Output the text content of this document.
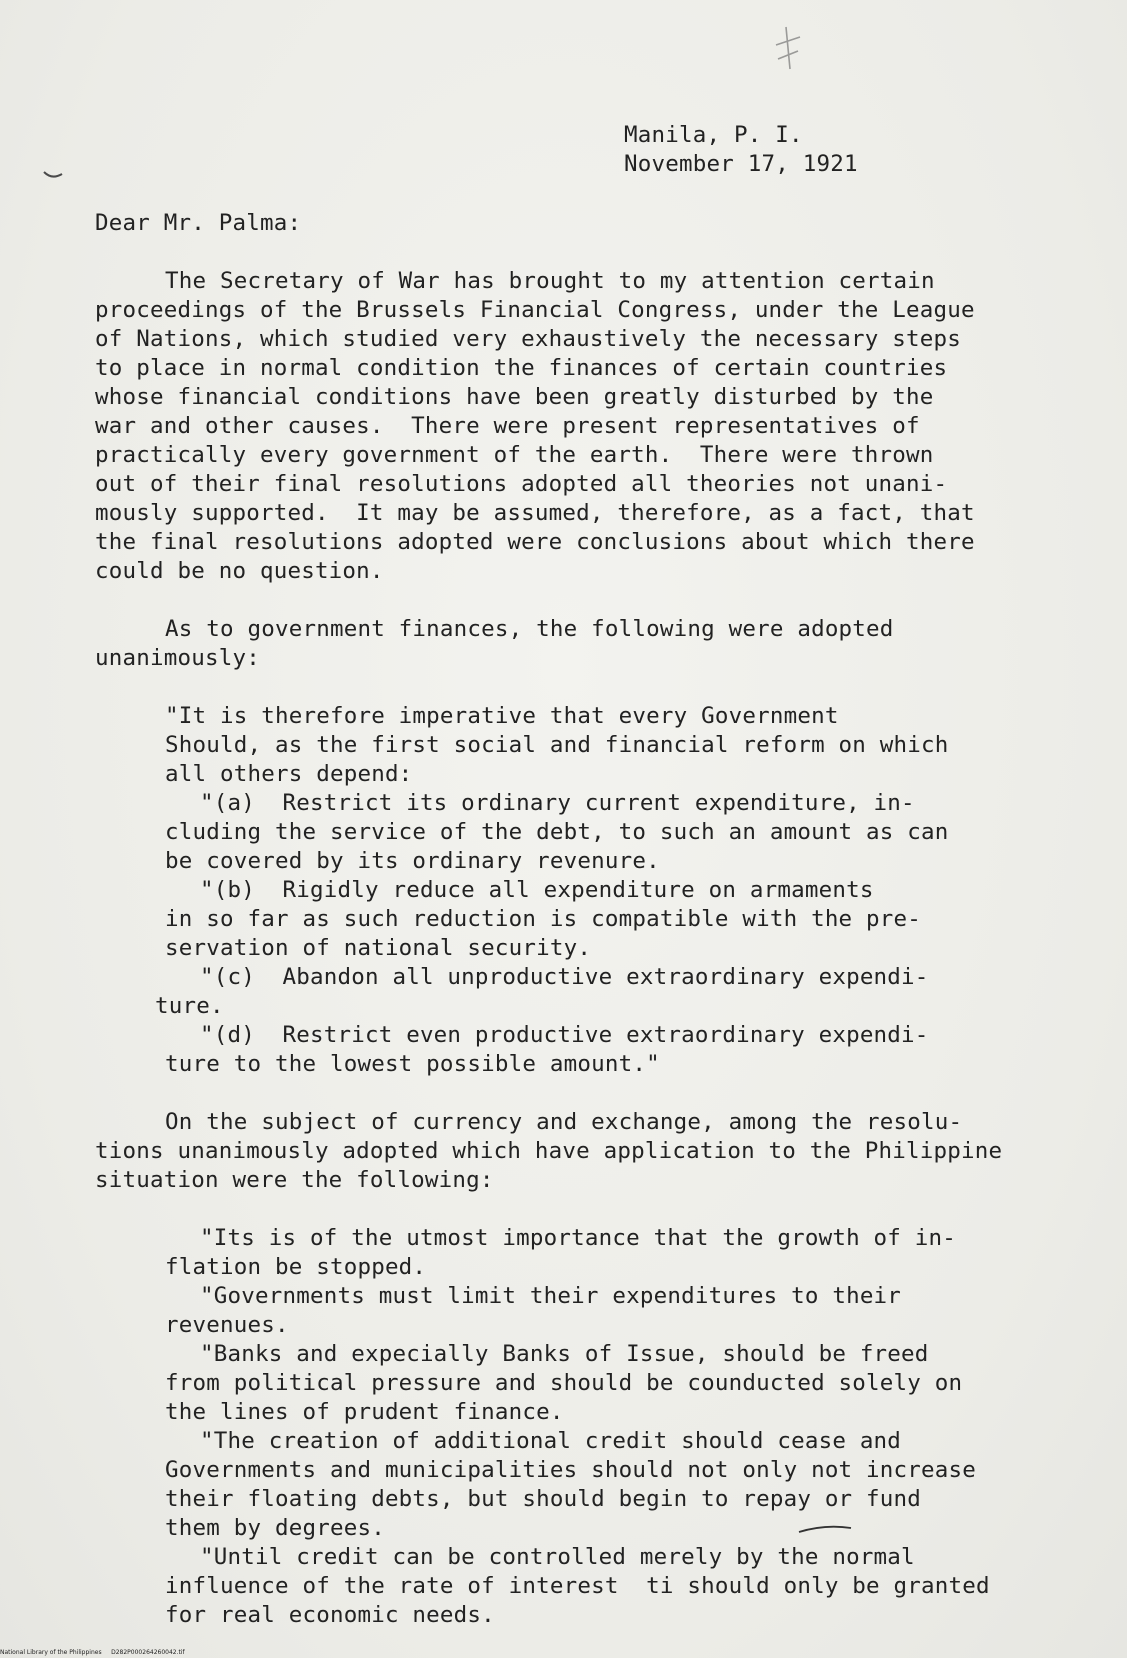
Manila, P. I.
November 17, 1921
Dear Mr. Palma:
The Secretary of War has brought to my attention certain
proceedings of the Brussels Financial Congress, under the League
of Nations, which studied very exhaustively the necessary steps
to place in normal condition the finances of certain countries
whose financial conditions have been greatly disturbed by the
war and other causes.  There were present representatives of
practically every government of the earth.  There were thrown
out of their final resolutions adopted all theories not unani-
mously supported.  It may be assumed, therefore, as a fact, that
the final resolutions adopted were conclusions about which there
could be no question.
As to government finances, the following were adopted
unanimously:
"It is therefore imperative that every Government
Should, as the first social and financial reform on which
all others depend:
"(a)  Restrict its ordinary current expenditure, in-
cluding the service of the debt, to such an amount as can
be covered by its ordinary revenure.
"(b)  Rigidly reduce all expenditure on armaments
in so far as such reduction is compatible with the pre-
servation of national security.
"(c)  Abandon all unproductive extraordinary expendi-
ture.
"(d)  Restrict even productive extraordinary expendi-
ture to the lowest possible amount."
On the subject of currency and exchange, among the resolu-
tions unanimously adopted which have application to the Philippine
situation were the following:
"Its is of the utmost importance that the growth of in-
flation be stopped.
"Governments must limit their expenditures to their
revenues.
"Banks and expecially Banks of Issue, should be freed
from political pressure and should be counducted solely on
the lines of prudent finance.
"The creation of additional credit should cease and
Governments and municipalities should not only not increase
their floating debts, but should begin to repay or fund
them by degrees.
"Until credit can be controlled merely by the normal
influence of the rate of interest  ti should only be granted
for real economic needs.
National Library of the Philippines     D282P000264260042.tif
